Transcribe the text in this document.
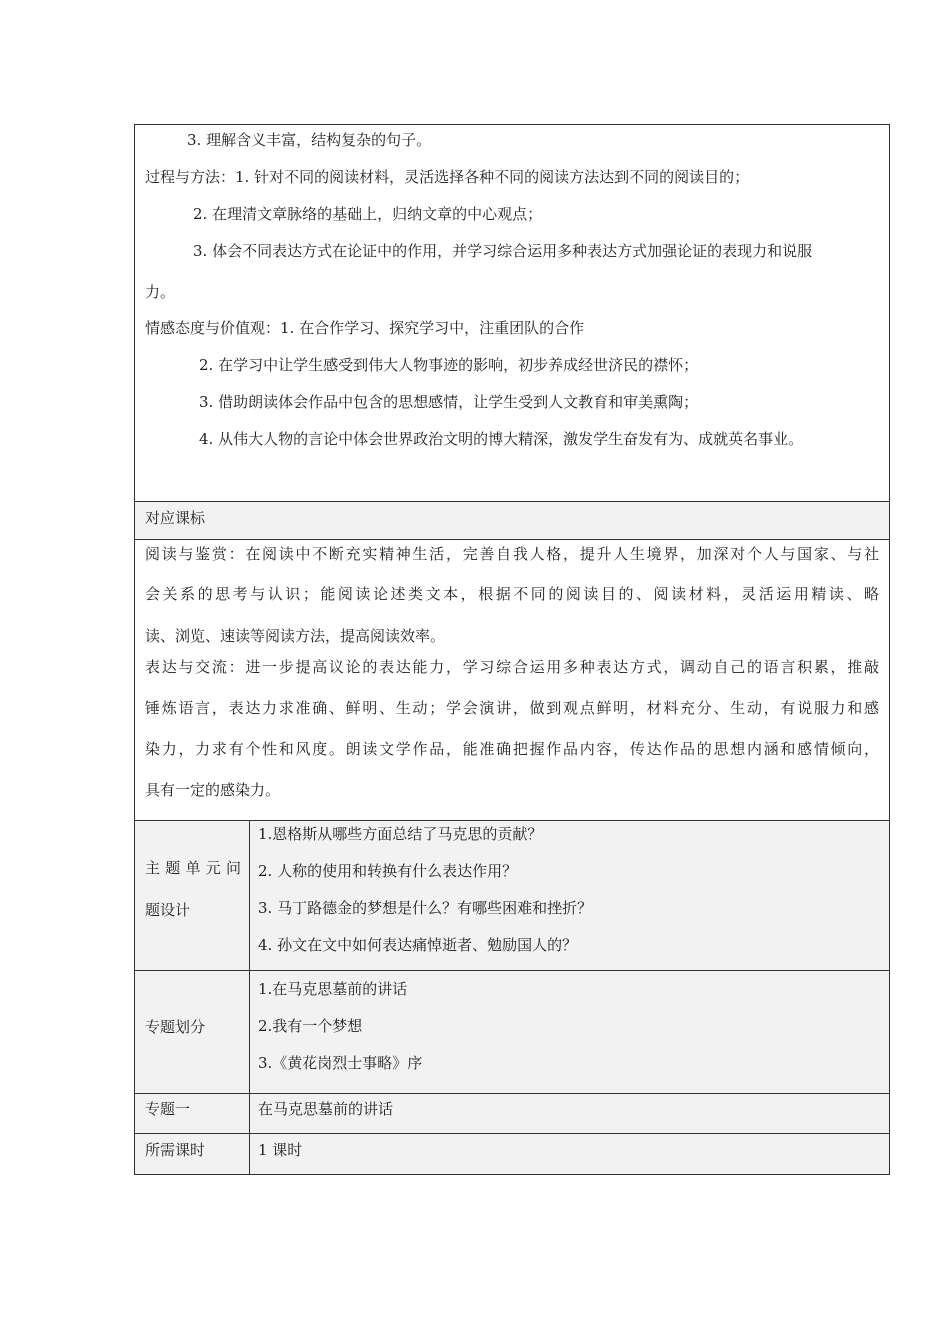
3. 理解含义丰富，结构复杂的句子。
过程与方法：1. 针对不同的阅读材料，灵活选择各种不同的阅读方法达到不同的阅读目的；
2. 在理清文章脉络的基础上，归纳文章的中心观点；
3. 体会不同表达方式在论证中的作用，并学习综合运用多种表达方式加强论证的表现力和说服
力。
情感态度与价值观：1. 在合作学习、探究学习中，注重团队的合作
2. 在学习中让学生感受到伟大人物事迹的影响，初步养成经世济民的襟怀；
3. 借助朗读体会作品中包含的思想感情，让学生受到人文教育和审美熏陶；
4. 从伟大人物的言论中体会世界政治文明的博大精深，激发学生奋发有为、成就英名事业。
对应课标
阅读与鉴赏：在阅读中不断充实精神生活，完善自我人格，提升人生境界，加深对个人与国家、与社
会关系的思考与认识；能阅读论述类文本，根据不同的阅读目的、阅读材料，灵活运用精读、略
读、浏览、速读等阅读方法，提高阅读效率。
表达与交流：进一步提高议论的表达能力，学习综合运用多种表达方式，调动自己的语言积累，推敲
锤炼语言，表达力求准确、鲜明、生动；学会演讲，做到观点鲜明，材料充分、生动，有说服力和感
染力，力求有个性和风度。朗读文学作品，能准确把握作品内容，传达作品的思想内涵和感情倾向，
具有一定的感染力。
主题单元问
题设计
1.恩格斯从哪些方面总结了马克思的贡献？
2. 人称的使用和转换有什么表达作用？
3. 马丁路德金的梦想是什么？有哪些困难和挫折？
4. 孙文在文中如何表达痛悼逝者、勉励国人的？
专题划分
1.在马克思墓前的讲话
2.我有一个梦想
3.《黄花岗烈士事略》序
专题一	在马克思墓前的讲话
所需课时	1 课时
